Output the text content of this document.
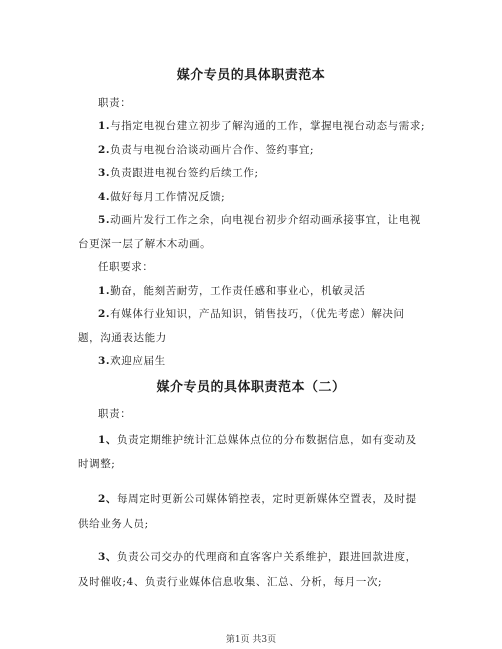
媒介专员的具体职责范本
职责：
1.与指定电视台建立初步了解沟通的工作，掌握电视台动态与需求;
2.负责与电视台洽谈动画片合作、签约事宜;
3.负责跟进电视台签约后续工作;
4.做好每月工作情况反馈;
5.动画片发行工作之余，向电视台初步介绍动画承接事宜，让电视
台更深一层了解木木动画。
任职要求：
1.勤奋，能刻苦耐劳，工作责任感和事业心，机敏灵活
2.有媒体行业知识，产品知识，销售技巧，（优先考虑）解决问
题，沟通表达能力
3.欢迎应届生
媒介专员的具体职责范本（二）
职责：
1、负责定期维护统计汇总媒体点位的分布数据信息，如有变动及
时调整;
2、每周定时更新公司媒体销控表，定时更新媒体空置表，及时提
供给业务人员;
3、负责公司交办的代理商和直客客户关系维护，跟进回款进度，
及时催收;4、负责行业媒体信息收集、汇总、分析，每月一次;
第1页 共3页
